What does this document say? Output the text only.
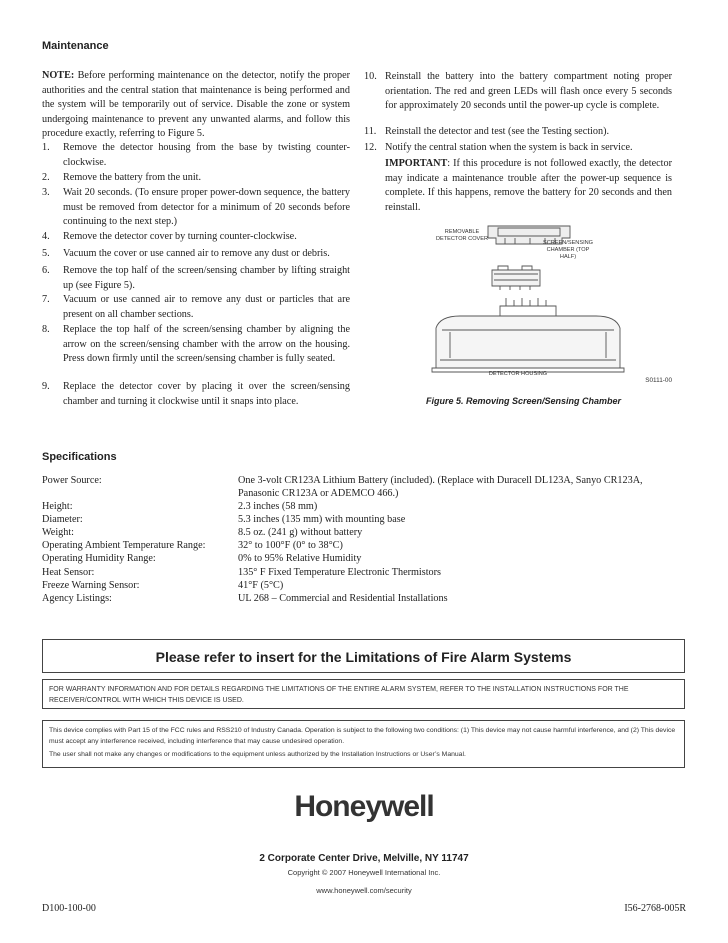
Maintenance
NOTE: Before performing maintenance on the detector, notify the proper authorities and the central station that maintenance is being performed and the system will be temporarily out of service. Disable the zone or system undergoing maintenance to prevent any unwanted alarms, and follow this procedure exactly, referring to Figure 5.
1. Remove the detector housing from the base by twisting counter-clockwise.
2. Remove the battery from the unit.
3. Wait 20 seconds. (To ensure proper power-down sequence, the battery must be removed from detector for a minimum of 20 seconds before continuing to the next step.)
4. Remove the detector cover by turning counter-clockwise.
5. Vacuum the cover or use canned air to remove any dust or debris.
6. Remove the top half of the screen/sensing chamber by lifting straight up (see Figure 5).
7. Vacuum or use canned air to remove any dust or particles that are present on all chamber sections.
8. Replace the top half of the screen/sensing chamber by aligning the arrow on the screen/sensing chamber with the arrow on the housing. Press down firmly until the screen/sensing chamber is fully seated.
9. Replace the detector cover by placing it over the screen/sensing chamber and turning it clockwise until it snaps into place.
10. Reinstall the battery into the battery compartment noting proper orientation. The red and green LEDs will flash once every 5 seconds for approximately 20 seconds until the power-up cycle is complete.
11. Reinstall the detector and test (see the Testing section).
12. Notify the central station when the system is back in service.
IMPORTANT: If this procedure is not followed exactly, the detector may indicate a maintenance trouble after the power-up sequence is complete. If this happens, remove the battery for 20 seconds and then reinstall.
REMOVABLE DETECTOR COVER
SCREEN/SENSING CHAMBER (TOP HALF)
DETECTOR HOUSING
S0111-00
Figure 5. Removing Screen/Sensing Chamber
Specifications
Power Source:	One 3-volt CR123A Lithium Battery (included). (Replace with Duracell DL123A, Sanyo CR123A, Panasonic CR123A or ADEMCO 466.)
Height:	2.3 inches (58 mm)
Diameter:	5.3 inches (135 mm) with mounting base
Weight:	8.5 oz. (241 g) without battery
Operating Ambient Temperature Range:	32° to 100°F (0° to 38°C)
Operating Humidity Range:	0% to 95% Relative Humidity
Heat Sensor:	135° F Fixed Temperature Electronic Thermistors
Freeze Warning Sensor:	41°F (5°C)
Agency Listings:	UL 268 – Commercial and Residential Installations
Please refer to insert for the Limitations of Fire Alarm Systems
FOR WARRANTY INFORMATION AND FOR DETAILS REGARDING THE LIMITATIONS OF THE ENTIRE ALARM SYSTEM, REFER TO THE INSTALLATION INSTRUCTIONS FOR THE RECEIVER/CONTROL WITH WHICH THIS DEVICE IS USED.
This device complies with Part 15 of the FCC rules and RSS210 of Industry Canada. Operation is subject to the following two conditions: (1) This device may not cause harmful interference, and (2) This device must accept any interference received, including interference that may cause undesired operation.
The user shall not make any changes or modifications to the equipment unless authorized by the Installation Instructions or User’s Manual.
Honeywell
2 Corporate Center Drive, Melville, NY 11747
Copyright © 2007 Honeywell International Inc.
www.honeywell.com/security
D100-100-00	I56-2768-005R
